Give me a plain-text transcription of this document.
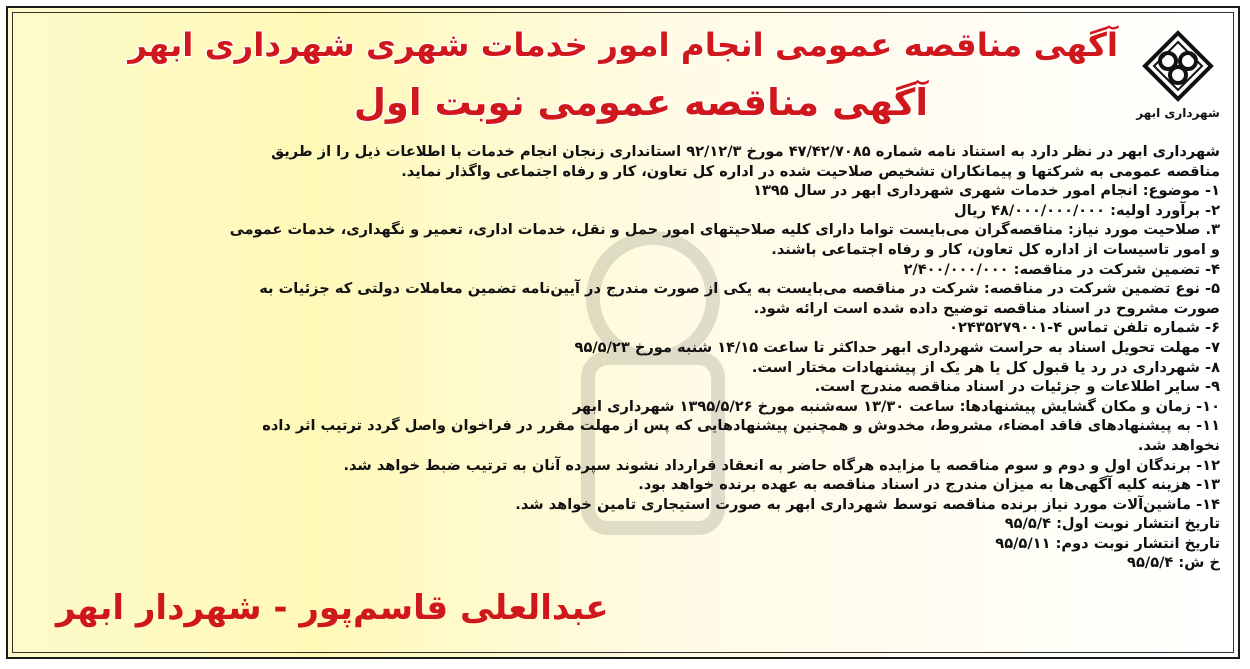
شهرداری ابهر
آگهی مناقصه عمومی انجام امور خدمات شهری شهرداری ابهر
آگهی مناقصه عمومی نوبت اول
شهرداری ابهر در نظر دارد به استناد نامه شماره ۴۷/۴۲/۷۰۸۵ مورخ ۹۲/۱۲/۳ استانداری زنجان انجام خدمات با اطلاعات ذیل را از طریق
مناقصه عمومی به شرکتها و پیمانکاران تشخیص صلاحیت شده در اداره کل تعاون، کار و رفاه اجتماعی واگذار نماید.
۱- موضوع: انجام امور خدمات شهری شهرداری ابهر در سال ۱۳۹۵
۲- برآورد اولیه: ۴۸/۰۰۰/۰۰۰/۰۰۰ ریال
۳. صلاحیت مورد نیاز: مناقصه‌گران می‌بایست تواما دارای کلیه صلاحیتهای امور حمل و نقل، خدمات اداری، تعمیر و نگهداری، خدمات عمومی
و امور تاسیسات از اداره کل تعاون، کار و رفاه اجتماعی باشند.
۴- تضمین شرکت در مناقصه: ۲/۴۰۰/۰۰۰/۰۰۰
۵- نوع تضمین شرکت در مناقصه: شرکت در مناقصه می‌بایست به یکی از صورت مندرج در آیین‌نامه تضمین معاملات دولتی که جزئیات به
صورت مشروح در اسناد مناقصه توضیح داده شده است ارائه شود.
۶- شماره تلفن تماس ۴-۰۲۴۳۵۲۷۹۰۰۱
۷- مهلت تحویل اسناد به حراست شهرداری ابهر حداکثر تا ساعت ۱۴/۱۵ شنبه مورخ ۹۵/۵/۲۳
۸- شهرداری در رد یا قبول کل یا هر یک از پیشنهادات مختار است.
۹- سایر اطلاعات و جزئیات در اسناد مناقصه مندرج است.
۱۰- زمان و مکان گشایش پیشنهادها: ساعت ۱۳/۳۰ سه‌شنبه مورخ ۱۳۹۵/۵/۲۶ شهرداری ابهر
۱۱- به پیشنهادهای فاقد امضاء، مشروط، مخدوش و همچنین پیشنهادهایی که پس از مهلت مقرر در فراخوان واصل گردد ترتیب اثر داده
نخواهد شد.
۱۲- برندگان اول و دوم و سوم مناقصه یا مزایده هرگاه حاضر به انعقاد قرارداد نشوند سپرده آنان به ترتیب ضبط خواهد شد.
۱۳- هزینه کلیه آگهی‌ها به میزان مندرج در اسناد مناقصه به عهده برنده خواهد بود.
۱۴- ماشین‌آلات مورد نیاز برنده مناقصه توسط شهرداری ابهر به صورت استیجاری تامین خواهد شد.
تاریخ انتشار نوبت اول: ۹۵/۵/۴
تاریخ انتشار نوبت دوم: ۹۵/۵/۱۱
خ ش: ۹۵/۵/۴
عبدالعلی قاسم‌پور - شهردار ابهر
